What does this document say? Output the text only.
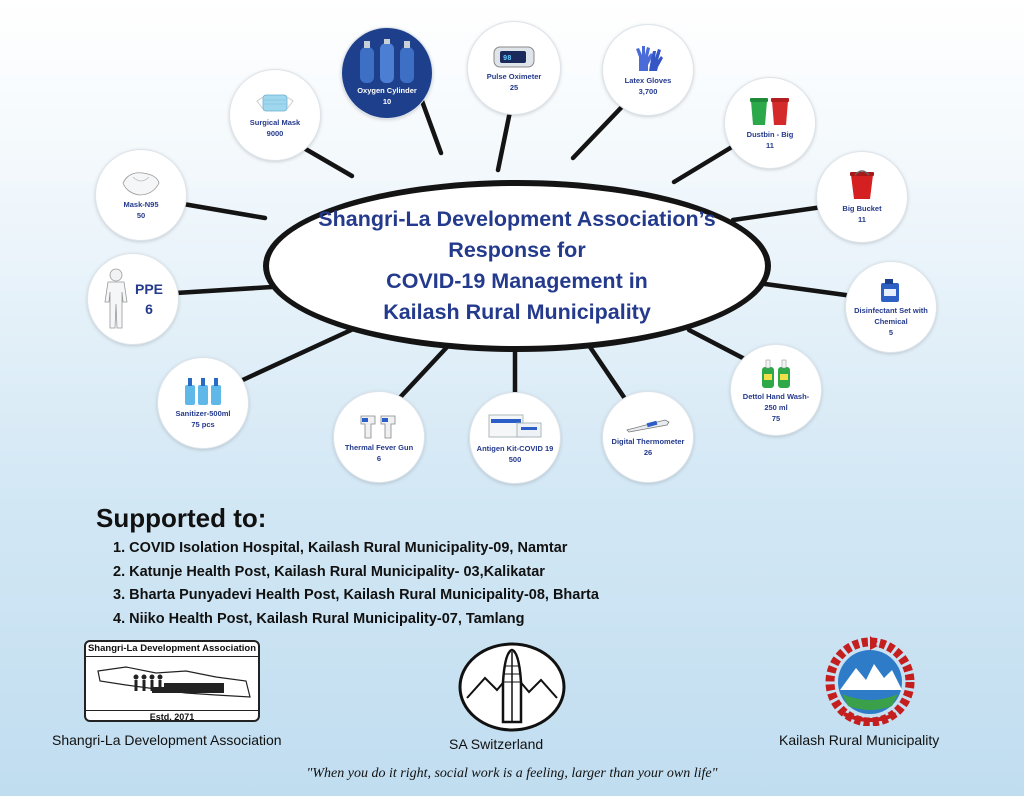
Shangri-La Development Association’s
Response for
COVID-19 Management in
Kailash Rural Municipality
Oxygen Cylinder
10
98
Pulse Oximeter
25
Latex Gloves
3,700
Dustbin - Big
11
Big Bucket
11
Disinfectant Set with Chemical
5
Dettol Hand Wash-250 ml
75
Digital Thermometer
26
Antigen Kit-COVID 19
500
Thermal Fever Gun
6
Sanitizer-500ml
75 pcs
PPE
6
Mask-N95
50
Surgical Mask
9000
Supported to:
1. COVID Isolation Hospital, Kailash Rural Municipality-09, Namtar
2. Katunje Health Post, Kailash Rural Municipality- 03,Kalikatar
3. Bharta Punyadevi Health Post, Kailash Rural Municipality-08, Bharta
4. Niiko Health Post, Kailash Rural Municipality-07, Tamlang
Shangri-La Development Association
Estd. 2071
Shangri-La Development Association	SA Switzerland	Kailash Rural Municipality
"When you do it right, social work is a feeling, larger than your own life"
